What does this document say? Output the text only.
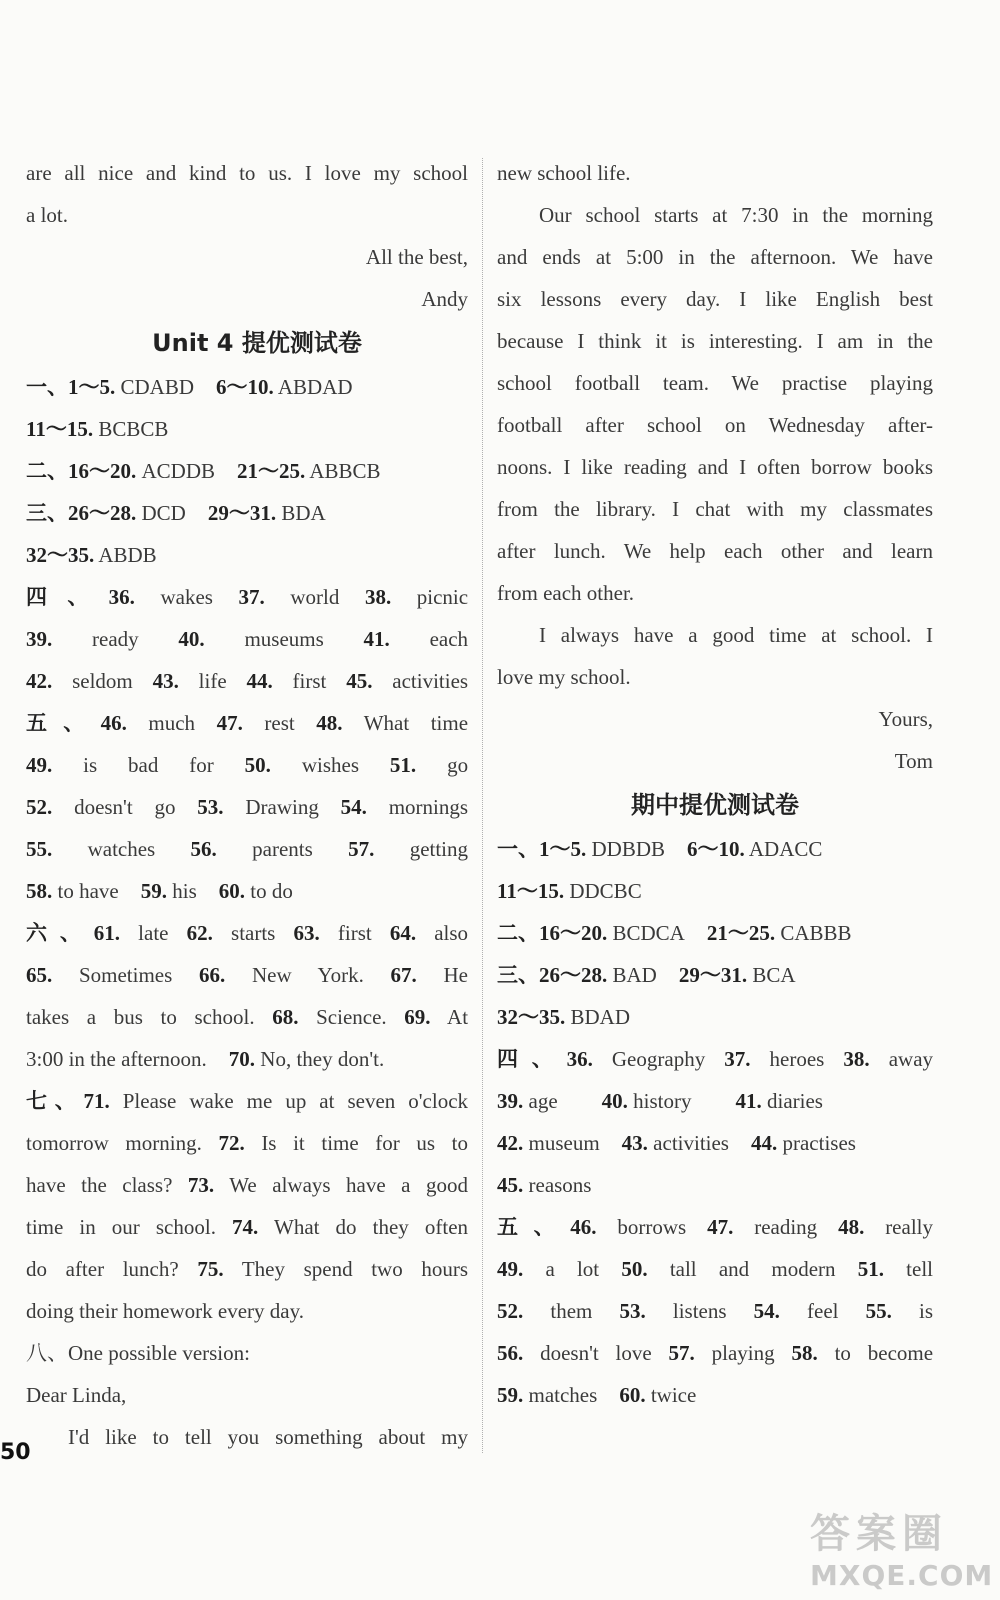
are all nice and kind to us. I love my school
a lot.
All the best,
Andy
Unit 4 提优测试卷
一、1～5. CDABD 6～10. ABDAD
11～15. BCBCB
二、16～20. ACDDB 21～25. ABBCB
三、26～28. DCD 29～31. BDA
32～35. ABDB
四、36. wakes 37. world 38. picnic
39. ready 40. museums 41. each
42. seldom 43. life 44. first 45. activities
五、46. much 47. rest 48. What time
49. is bad for 50. wishes 51. go
52. doesn't go 53. Drawing 54. mornings
55. watches 56. parents 57. getting
58. to have 59. his 60. to do
六、61. late 62. starts 63. first 64. also
65. Sometimes 66. New York. 67. He
takes a bus to school. 68. Science. 69. At
3:00 in the afternoon. 70. No, they don't.
七、71. Please wake me up at seven o'clock
tomorrow morning. 72. Is it time for us to
have the class? 73. We always have a good
time in our school. 74. What do they often
do after lunch? 75. They spend two hours
doing their homework every day.
八、One possible version:
Dear Linda,
I'd like to tell you something about my
new school life.
Our school starts at 7:30 in the morning
and ends at 5:00 in the afternoon. We have
six lessons every day. I like English best
because I think it is interesting. I am in the
school football team. We practise playing
football after school on Wednesday after-
noons. I like reading and I often borrow books
from the library. I chat with my classmates
after lunch. We help each other and learn
from each other.
I always have a good time at school. I
love my school.
Yours,
Tom
期中提优测试卷
一、1～5. DDBDB 6～10. ADACC
11～15. DDCBC
二、16～20. BCDCA 21～25. CABBB
三、26～28. BAD 29～31. BCA
32～35. BDAD
四、36. Geography 37. heroes 38. away
39. age 40. history 41. diaries
42. museum 43. activities 44. practises
45. reasons
五、46. borrows 47. reading 48. really
49. a lot 50. tall and modern 51. tell
52. them 53. listens 54. feel 55. is
56. doesn't love 57. playing 58. to become
59. matches 60. twice
50
答案圈
MXQE.COM
